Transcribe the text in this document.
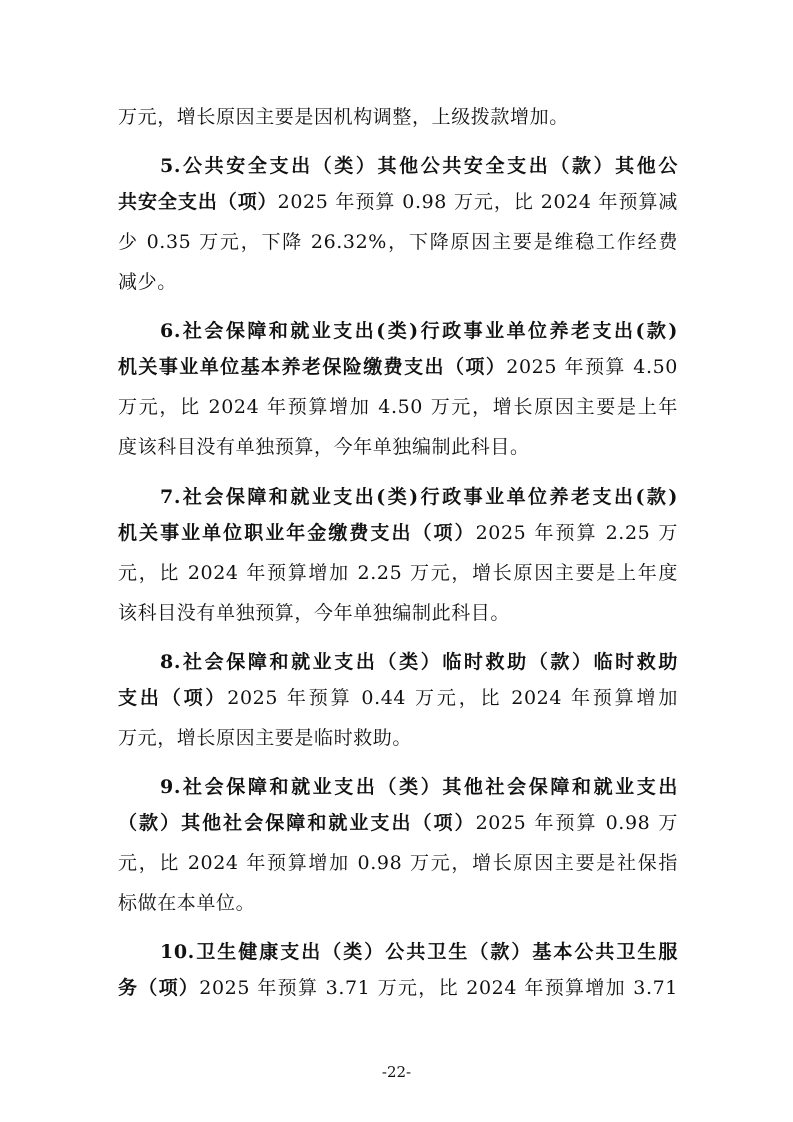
万元，增长原因主要是因机构调整，上级拨款增加。
5.公共安全支出（类）其他公共安全支出（款）其他公
共安全支出（项）2025 年预算 0.98 万元，比 2024 年预算减
少 0.35 万元，下降 26.32%，下降原因主要是维稳工作经费
减少。
6.社会保障和就业支出(类)行政事业单位养老支出(款)
机关事业单位基本养老保险缴费支出（项）2025 年预算 4.50
万元，比 2024 年预算增加 4.50 万元，增长原因主要是上年
度该科目没有单独预算，今年单独编制此科目。
7.社会保障和就业支出(类)行政事业单位养老支出(款)
机关事业单位职业年金缴费支出（项）2025 年预算 2.25 万
元，比 2024 年预算增加 2.25 万元，增长原因主要是上年度
该科目没有单独预算，今年单独编制此科目。
8.社会保障和就业支出（类）临时救助（款）临时救助
支出（项）2025 年预算 0.44 万元，比 2024 年预算增加
万元，增长原因主要是临时救助。
9.社会保障和就业支出（类）其他社会保障和就业支出
（款）其他社会保障和就业支出（项）2025 年预算 0.98 万
元，比 2024 年预算增加 0.98 万元，增长原因主要是社保指
标做在本单位。
10.卫生健康支出（类）公共卫生（款）基本公共卫生服
务（项）2025 年预算 3.71 万元，比 2024 年预算增加 3.71
-22-
